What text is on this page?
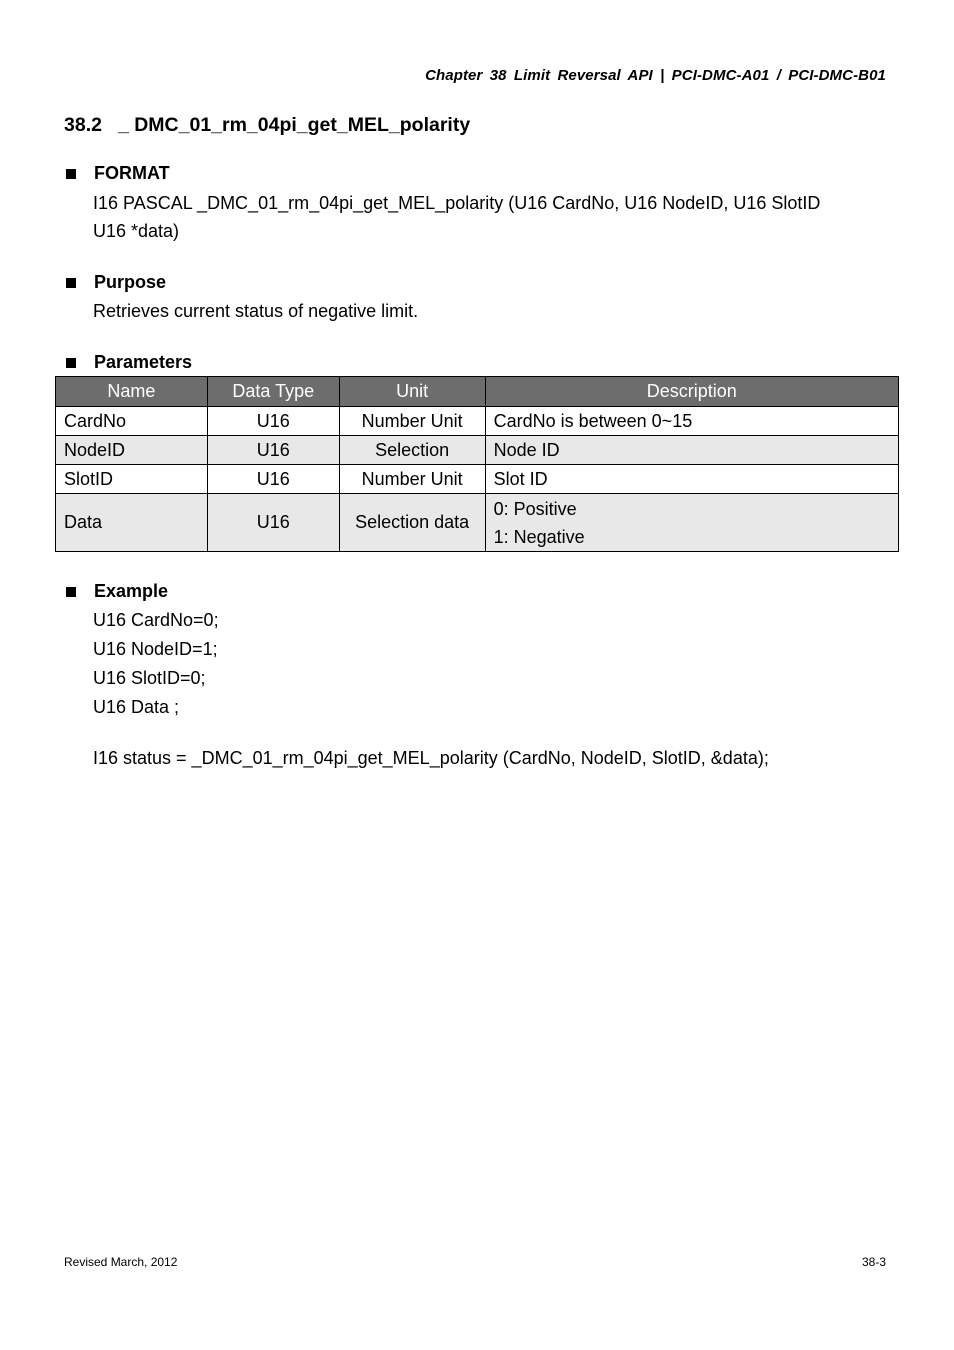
Chapter 38 Limit Reversal API | PCI-DMC-A01 / PCI-DMC-B01
38.2 _ DMC_01_rm_04pi_get_MEL_polarity
FORMAT
I16 PASCAL _DMC_01_rm_04pi_get_MEL_polarity (U16 CardNo, U16 NodeID, U16 SlotID
U16 *data)
Purpose
Retrieves current status of negative limit.
Parameters
Name	Data Type	Unit	Description
CardNo	U16	Number Unit	CardNo is between 0~15
NodeID	U16	Selection	Node ID
SlotID	U16	Number Unit	Slot ID
Data	U16	Selection data	0: Positive
1: Negative
Example
U16 CardNo=0;
U16 NodeID=1;
U16 SlotID=0;
U16 Data ;
I16 status = _DMC_01_rm_04pi_get_MEL_polarity (CardNo, NodeID, SlotID, &data);
Revised March, 2012	38-3
